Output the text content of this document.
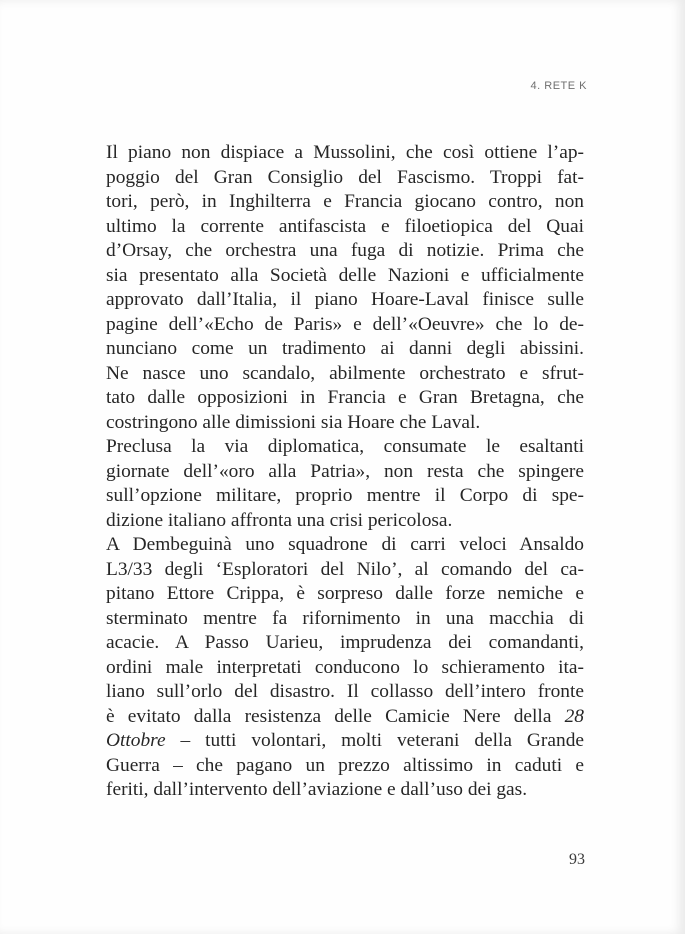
4. RETE K
Il piano non dispiace a Mussolini, che così ottiene l’ap-
poggio del Gran Consiglio del Fascismo. Troppi fat-
tori, però, in Inghilterra e Francia giocano contro, non
ultimo la corrente antifascista e filoetiopica del Quai
d’Orsay, che orchestra una fuga di notizie. Prima che
sia presentato alla Società delle Nazioni e ufficialmente
approvato dall’Italia, il piano Hoare-Laval finisce sulle
pagine dell’«Echo de Paris» e dell’«Oeuvre» che lo de-
nunciano come un tradimento ai danni degli abissini.
Ne nasce uno scandalo, abilmente orchestrato e sfrut-
tato dalle opposizioni in Francia e Gran Bretagna, che
costringono alle dimissioni sia Hoare che Laval.
Preclusa la via diplomatica, consumate le esaltanti
giornate dell’«oro alla Patria», non resta che spingere
sull’opzione militare, proprio mentre il Corpo di spe-
dizione italiano affronta una crisi pericolosa.
A Dembeguinà uno squadrone di carri veloci Ansaldo
L3/33 degli ‘Esploratori del Nilo’, al comando del ca-
pitano Ettore Crippa, è sorpreso dalle forze nemiche e
sterminato mentre fa rifornimento in una macchia di
acacie. A Passo Uarieu, imprudenza dei comandanti,
ordini male interpretati conducono lo schieramento ita-
liano sull’orlo del disastro. Il collasso dell’intero fronte
è evitato dalla resistenza delle Camicie Nere della 28
Ottobre – tutti volontari, molti veterani della Grande
Guerra – che pagano un prezzo altissimo in caduti e
feriti, dall’intervento dell’aviazione e dall’uso dei gas.
93
